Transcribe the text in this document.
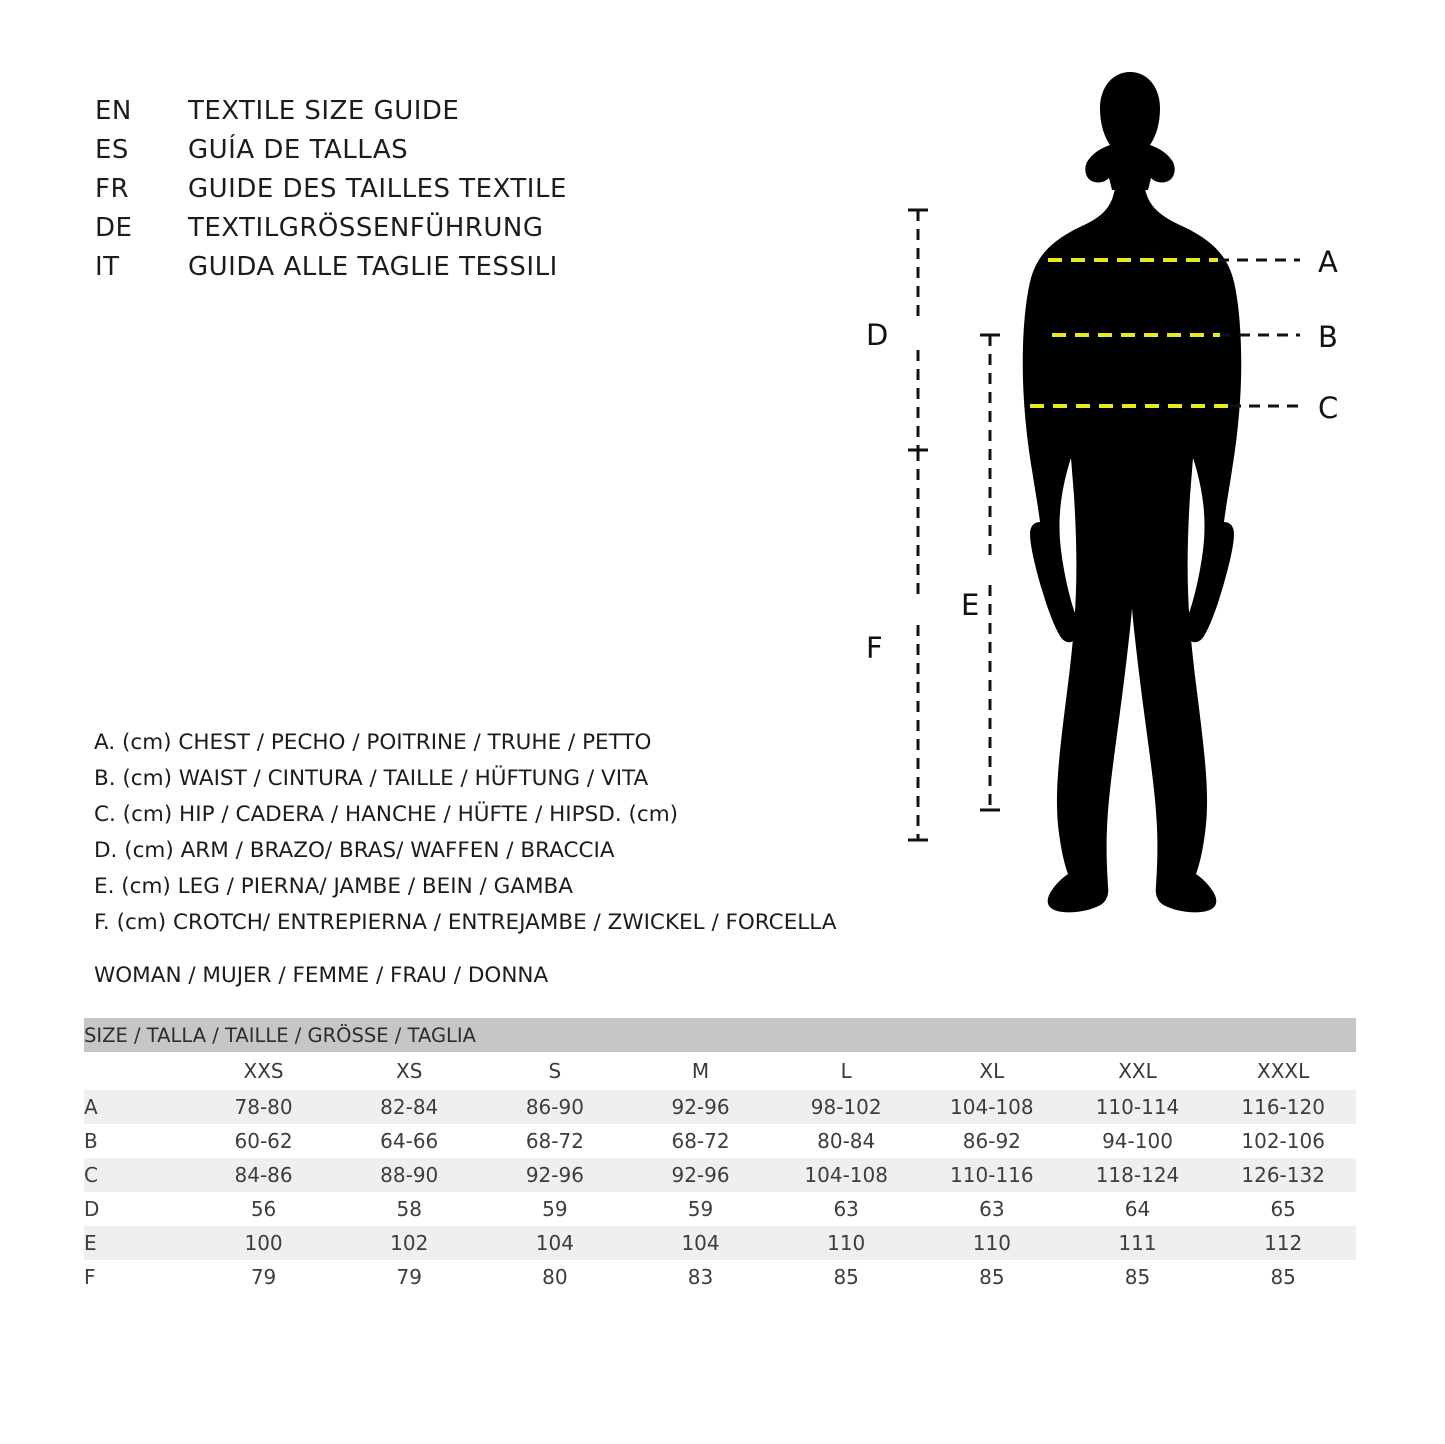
EN	TEXTILE SIZE GUIDE
ES	GUÍA DE TALLAS
FR	GUIDE DES TAILLES TEXTILE
DE	TEXTILGRÖSSENFÜHRUNG
IT	GUIDA ALLE TAGLIE TESSILI	A
B
C
D
E
F
A. (cm) CHEST / PECHO / POITRINE / TRUHE / PETTO
B. (cm) WAIST / CINTURA / TAILLE / HÜFTUNG / VITA
C. (cm) HIP / CADERA / HANCHE / HÜFTE / HIPSD. (cm)
D. (cm) ARM / BRAZO/ BRAS/ WAFFEN / BRACCIA
E. (cm) LEG / PIERNA/ JAMBE / BEIN / GAMBA
F. (cm) CROTCH/ ENTREPIERNA / ENTREJAMBE / ZWICKEL / FORCELLA
WOMAN / MUJER / FEMME / FRAU / DONNA
SIZE / TALLA / TAILLE / GRÖSSE / TAGLIA								
	XXS	XS	S	M	L	XL	XXL	XXXL
A	78-80	82-84	86-90	92-96	98-102	104-108	110-114	116-120
B	60-62	64-66	68-72	68-72	80-84	86-92	94-100	102-106
C	84-86	88-90	92-96	92-96	104-108	110-116	118-124	126-132
D	56	58	59	59	63	63	64	65
E	100	102	104	104	110	110	111	112
F	79	79	80	83	85	85	85	85
